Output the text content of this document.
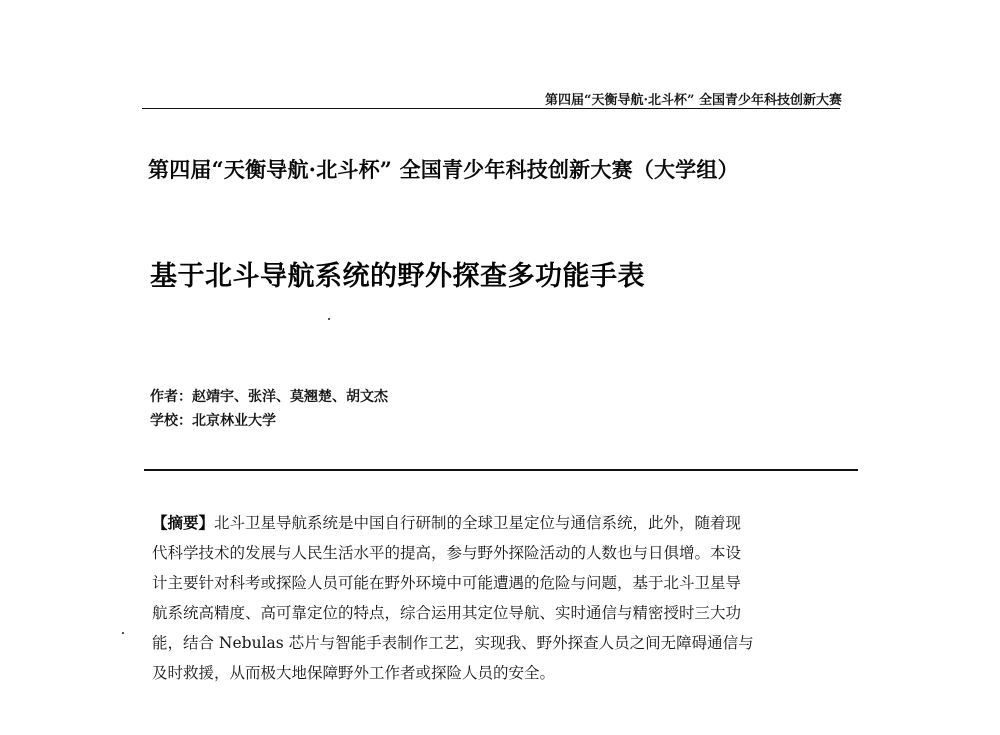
第四届“天衡导航·北斗杯” 全国青少年科技创新大赛
第四届“天衡导航·北斗杯” 全国青少年科技创新大赛（大学组）
基于北斗导航系统的野外探查多功能手表
作者：赵靖宇、张洋、莫翘楚、胡文杰
学校：北京林业大学
【摘要】北斗卫星导航系统是中国自行研制的全球卫星定位与通信系统，此外，随着现
代科学技术的发展与人民生活水平的提高，参与野外探险活动的人数也与日俱增。本设
计主要针对科考或探险人员可能在野外环境中可能遭遇的危险与问题，基于北斗卫星导
航系统高精度、高可靠定位的特点，综合运用其定位导航、实时通信与精密授时三大功
能，结合 Nebulas 芯片与智能手表制作工艺，实现我、野外探查人员之间无障碍通信与
及时救援，从而极大地保障野外工作者或探险人员的安全。
